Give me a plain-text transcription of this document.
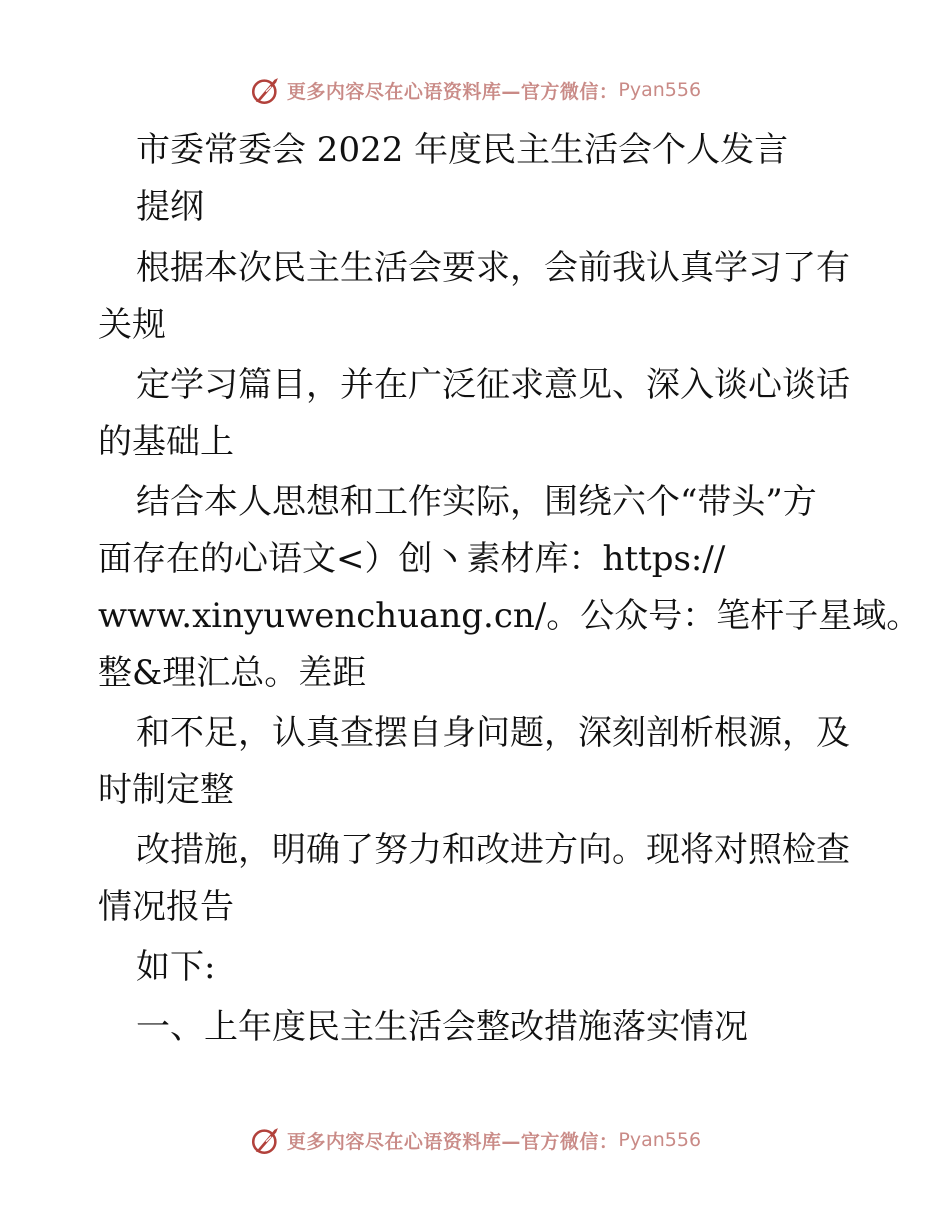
更多内容尽在心语资料库—官方微信： Pyan556
市委常委会 2022 年度民主生活会个人发言
提纲
根据本次民主生活会要求，会前我认真学习了有
关规
定学习篇目，并在广泛征求意见、深入谈心谈话
的基础上
结合本人思想和工作实际，围绕六个“带头”方
面存在的心语文<）创丶素材库：https://
www.xinyuwenchuang.cn/。公众号：笔杆子星域。
整&理汇总。差距
和不足，认真查摆自身问题，深刻剖析根源，及
时制定整
改措施，明确了努力和改进方向。现将对照检查
情况报告
如下:
一、上年度民主生活会整改措施落实情况
更多内容尽在心语资料库—官方微信： Pyan556
